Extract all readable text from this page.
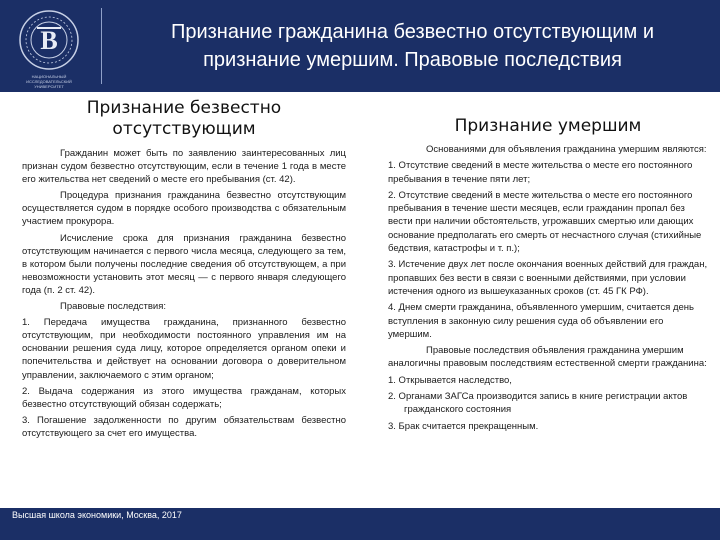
B
НАЦИОНАЛЬНЫЙ ИССЛЕДОВАТЕЛЬСКИЙ
УНИВЕРСИТЕТ
Признание гражданина безвестно отсутствующим и
признание умершим. Правовые последствия
Признание безвестно
отсутствующим

Гражданин может быть по заявлению заинтересованных лиц признан судом безвестно отсутствующим, если в течение 1 года в месте его жительства нет сведений о месте его пребывания (ст. 42).

Процедура признания гражданина безвестно отсутствующим осуществляется судом в порядке особого производства с обязательным участием прокурора.

Исчисление срока для признания гражданина безвестно отсутствующим начинается с первого числа месяца, следующего за тем, в котором были получены последние сведения об отсутствующем, а при невозможности установить этот месяц — с первого января следующего года (п. 2 ст. 42).

Правовые последствия:

1. Передача имущества гражданина, признанного безвестно отсутствующим, при необходимости постоянного управления им на основании решения суда лицу, которое определяется органом опеки и попечительства и действует на основании договора о доверительном управлении, заключаемого с этим органом;

2. Выдача содержания из этого имущества гражданам, которых безвестно отсутствующий обязан содержать;

3. Погашение задолженности по другим обязательствам безвестно отсутствующего за счет его имущества.

Признание умершим

Основаниями для объявления гражданина умершим являются:

1. Отсутствие сведений в месте жительства о месте его постоянного пребывания в течение пяти лет;

2. Отсутствие сведений в месте жительства о месте его постоянного пребывания в течение шести месяцев, если гражданин пропал без вести при наличии обстоятельств, угрожавших смертью или дающих основание предполагать его смерть от несчастного случая (стихийные бедствия, катастрофы и т. п.);

3. Истечение двух лет после окончания военных действий для граждан, пропавших без вести в связи с военными действиями, при условии истечения одного из вышеуказанных сроков (ст. 45 ГК РФ).

4. Днем смерти гражданина, объявленного умершим, считается день вступления в законную силу решения суда об объявлении его умершим.

Правовые последствия объявления гражданина умершим аналогичны правовым последствиям естественной смерти гражданина:

1. Открывается наследство,

2. Органами ЗАГСа производится запись в книге регистрации актов гражданского состояния

3. Брак считается прекращенным.

Высшая школа экономики, Москва, 2017
